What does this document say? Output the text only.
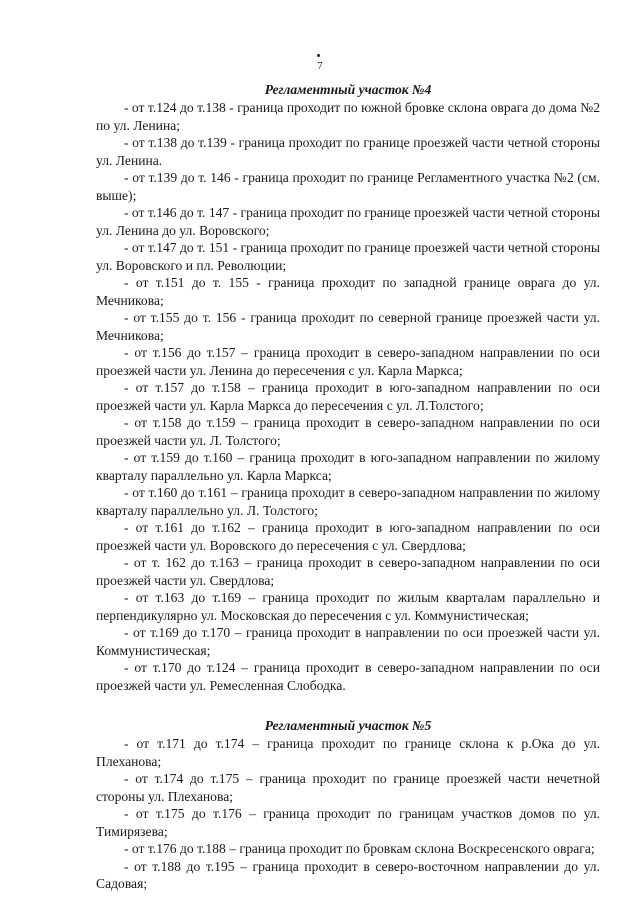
7
Регламентный участок №4

- от т.124 до т.138 - граница проходит по южной бровке склона оврага до дома №2 по ул. Ленина;

- от т.138 до т.139 - граница проходит по границе проезжей части четной стороны ул. Ленина.

- от т.139 до т. 146 - граница проходит по границе Регламентного участка №2 (см. выше);

- от т.146 до т. 147 - граница проходит по границе проезжей части четной стороны ул. Ленина до ул. Воровского;

- от т.147 до т. 151 - граница проходит по границе проезжей части четной стороны ул. Воровского и пл. Революции;

- от т.151 до т. 155 - граница проходит по западной границе оврага до ул. Мечникова;

- от т.155 до т. 156 - граница проходит по северной границе проезжей части ул. Мечникова;

- от т.156 до т.157 – граница проходит в северо-западном направлении по оси проезжей части ул. Ленина до пересечения с ул. Карла Маркса;

- от т.157 до т.158 – граница проходит в юго-западном направлении по оси проезжей части ул. Карла Маркса до пересечения с ул. Л.Толстого;

- от т.158 до т.159 – граница проходит в северо-западном направлении по оси проезжей части ул. Л. Толстого;

- от т.159 до т.160 – граница проходит в юго-западном направлении по жилому кварталу параллельно ул. Карла Маркса;

- от т.160 до т.161 – граница проходит в северо-западном направлении по жилому кварталу параллельно ул. Л. Толстого;

- от т.161 до т.162 – граница проходит в юго-западном направлении по оси проезжей части ул. Воровского до пересечения с ул. Свердлова;

- от т. 162 до т.163 – граница проходит в северо-западном направлении по оси проезжей части ул. Свердлова;

- от т.163 до т.169 – граница проходит по жилым кварталам параллельно и перпендикулярно ул. Московская до пересечения с ул. Коммунистическая;

- от т.169 до т.170 – граница проходит в направлении по оси проезжей части ул. Коммунистическая;

- от т.170 до т.124 – граница проходит в северо-западном направлении по оси проезжей части ул. Ремесленная Слободка.

Регламентный участок №5

- от т.171 до т.174 – граница проходит по границе склона к р.Ока до ул. Плеханова;

- от т.174 до т.175 – граница проходит по границе проезжей части нечетной стороны ул. Плеханова;

- от т.175 до т.176 – граница проходит по границам участков домов по ул. Тимирязева;

- от т.176 до т.188 – граница проходит по бровкам склона Воскресенского оврага;

- от т.188 до т.195 – граница проходит в северо-восточном направлении до ул. Садовая;
